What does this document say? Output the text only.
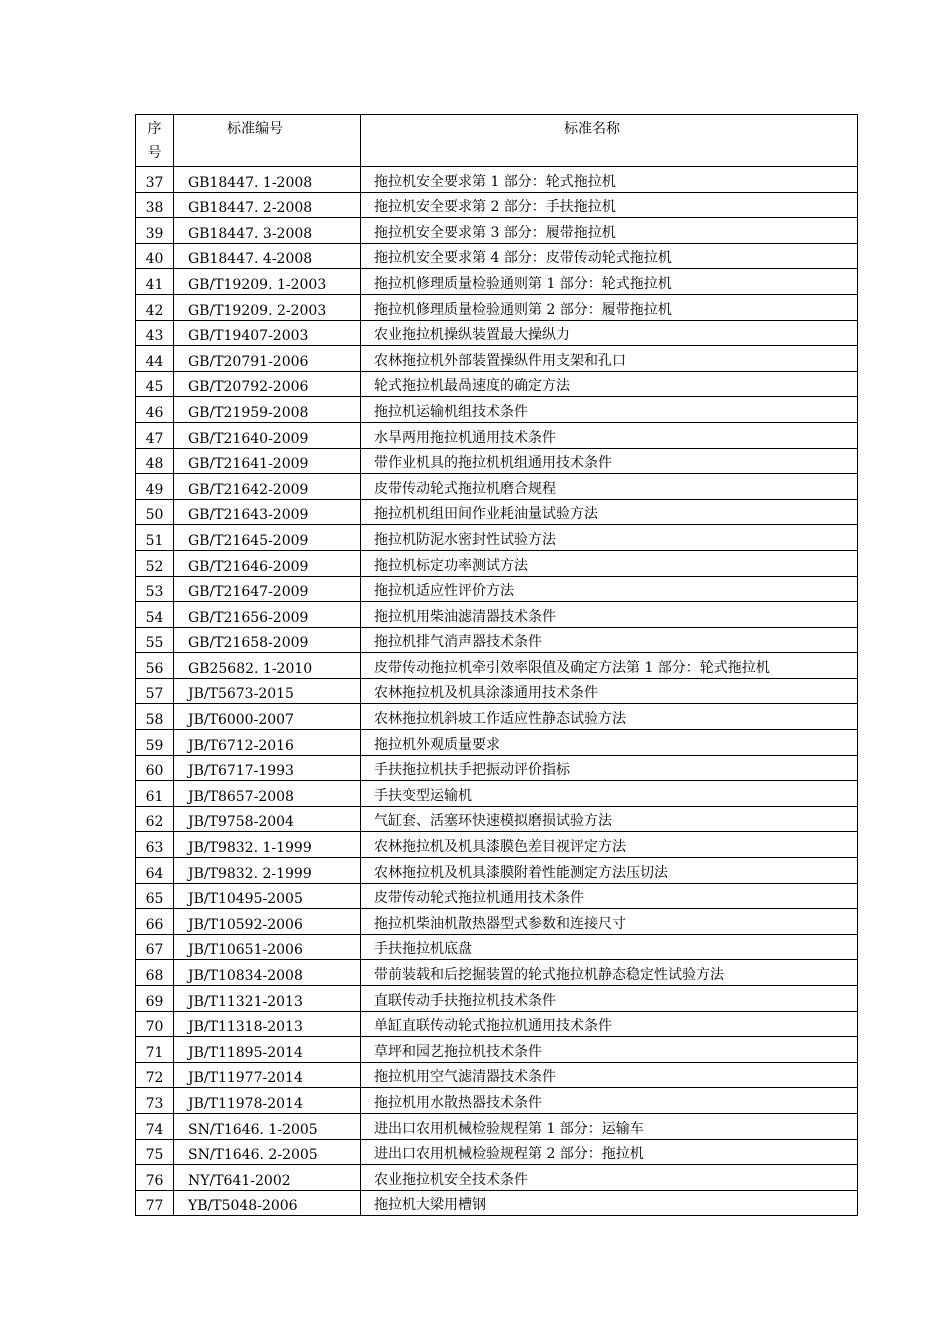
序号	标准编号	标准名称
37	GB18447. 1-2008	拖拉机安全要求第 1 部分：轮式拖拉机
38	GB18447. 2-2008	拖拉机安全要求第 2 部分：手扶拖拉机
39	GB18447. 3-2008	拖拉机安全要求第 3 部分：履带拖拉机
40	GB18447. 4-2008	拖拉机安全要求第 4 部分：皮带传动轮式拖拉机
41	GB/T19209. 1-2003	拖拉机修理质量检验通则第 1 部分：轮式拖拉机
42	GB/T19209. 2-2003	拖拉机修理质量检验通则第 2 部分：履带拖拉机
43	GB/T19407-2003	农业拖拉机操纵装置最大操纵力
44	GB/T20791-2006	农林拖拉机外部装置操纵件用支架和孔口
45	GB/T20792-2006	轮式拖拉机最咼速度的确定方法
46	GB/T21959-2008	拖拉机运输机组技术条件
47	GB/T21640-2009	水旱两用拖拉机通用技术条件
48	GB/T21641-2009	带作业机具的拖拉机机组通用技术条件
49	GB/T21642-2009	皮带传动轮式拖拉机磨合规程
50	GB/T21643-2009	拖拉机机组田间作业耗油量试验方法
51	GB/T21645-2009	拖拉机防泥水密封性试验方法
52	GB/T21646-2009	拖拉机标定功率测试方法
53	GB/T21647-2009	拖拉机适应性评价方法
54	GB/T21656-2009	拖拉机用柴油滤清器技术条件
55	GB/T21658-2009	拖拉机排气消声器技术条件
56	GB25682. 1-2010	皮带传动拖拉机牵引效率限值及确定方法第 1 部分：轮式拖拉机
57	JB/T5673-2015	农林拖拉机及机具涂漆通用技术条件
58	JB/T6000-2007	农林拖拉机斜坡工作适应性静态试验方法
59	JB/T6712-2016	拖拉机外观质量要求
60	JB/T6717-1993	手扶拖拉机扶手把振动评价指标
61	JB/T8657-2008	手扶变型运输机
62	JB/T9758-2004	气缸套、活塞环快速模拟磨损试验方法
63	JB/T9832. 1-1999	农林拖拉机及机具漆膜色差目视评定方法
64	JB/T9832. 2-1999	农林拖拉机及机具漆膜附着性能测定方法压切法
65	JB/T10495-2005	皮带传动轮式拖拉机通用技术条件
66	JB/T10592-2006	拖拉机柴油机散热器型式参数和连接尺寸
67	JB/T10651-2006	手扶拖拉机底盘
68	JB/T10834-2008	带前装载和后挖掘装置的轮式拖拉机静态稳定性试验方法
69	JB/T11321-2013	直联传动手扶拖拉机技术条件
70	JB/T11318-2013	单缸直联传动轮式拖拉机通用技术条件
71	JB/T11895-2014	草坪和园艺拖拉机技术条件
72	JB/T11977-2014	拖拉机用空气滤清器技术条件
73	JB/T11978-2014	拖拉机用水散热器技术条件
74	SN/T1646. 1-2005	进出口农用机械检验规程第 1 部分：运输车
75	SN/T1646. 2-2005	进出口农用机械检验规程第 2 部分：拖拉机
76	NY/T641-2002	农业拖拉机安全技术条件
77	YB/T5048-2006	拖拉机大梁用槽钢
